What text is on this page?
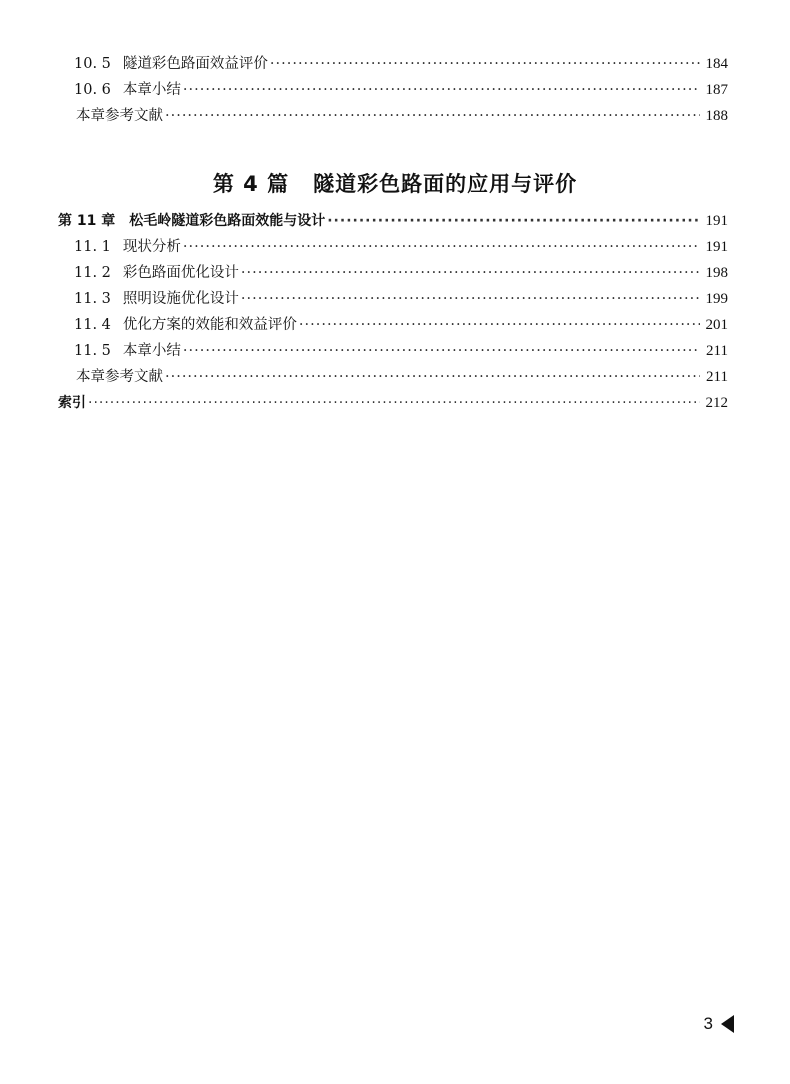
10. 5 隧道彩色路面效益评价 ·····	184
10. 6 本章小结 ·····	187
本章参考文献 ·····	188
第 4 篇 隧道彩色路面的应用与评价
第 11 章	松毛岭隧道彩色路面效能与设计 ·····	191
11. 1 现状分析 ·····	191
11. 2 彩色路面优化设计 ·····	198
11. 3 照明设施优化设计 ·····	199
11. 4 优化方案的效能和效益评价 ·····	201
11. 5 本章小结 ·····	211
本章参考文献 ·····	211
索引 ·····	212
3
